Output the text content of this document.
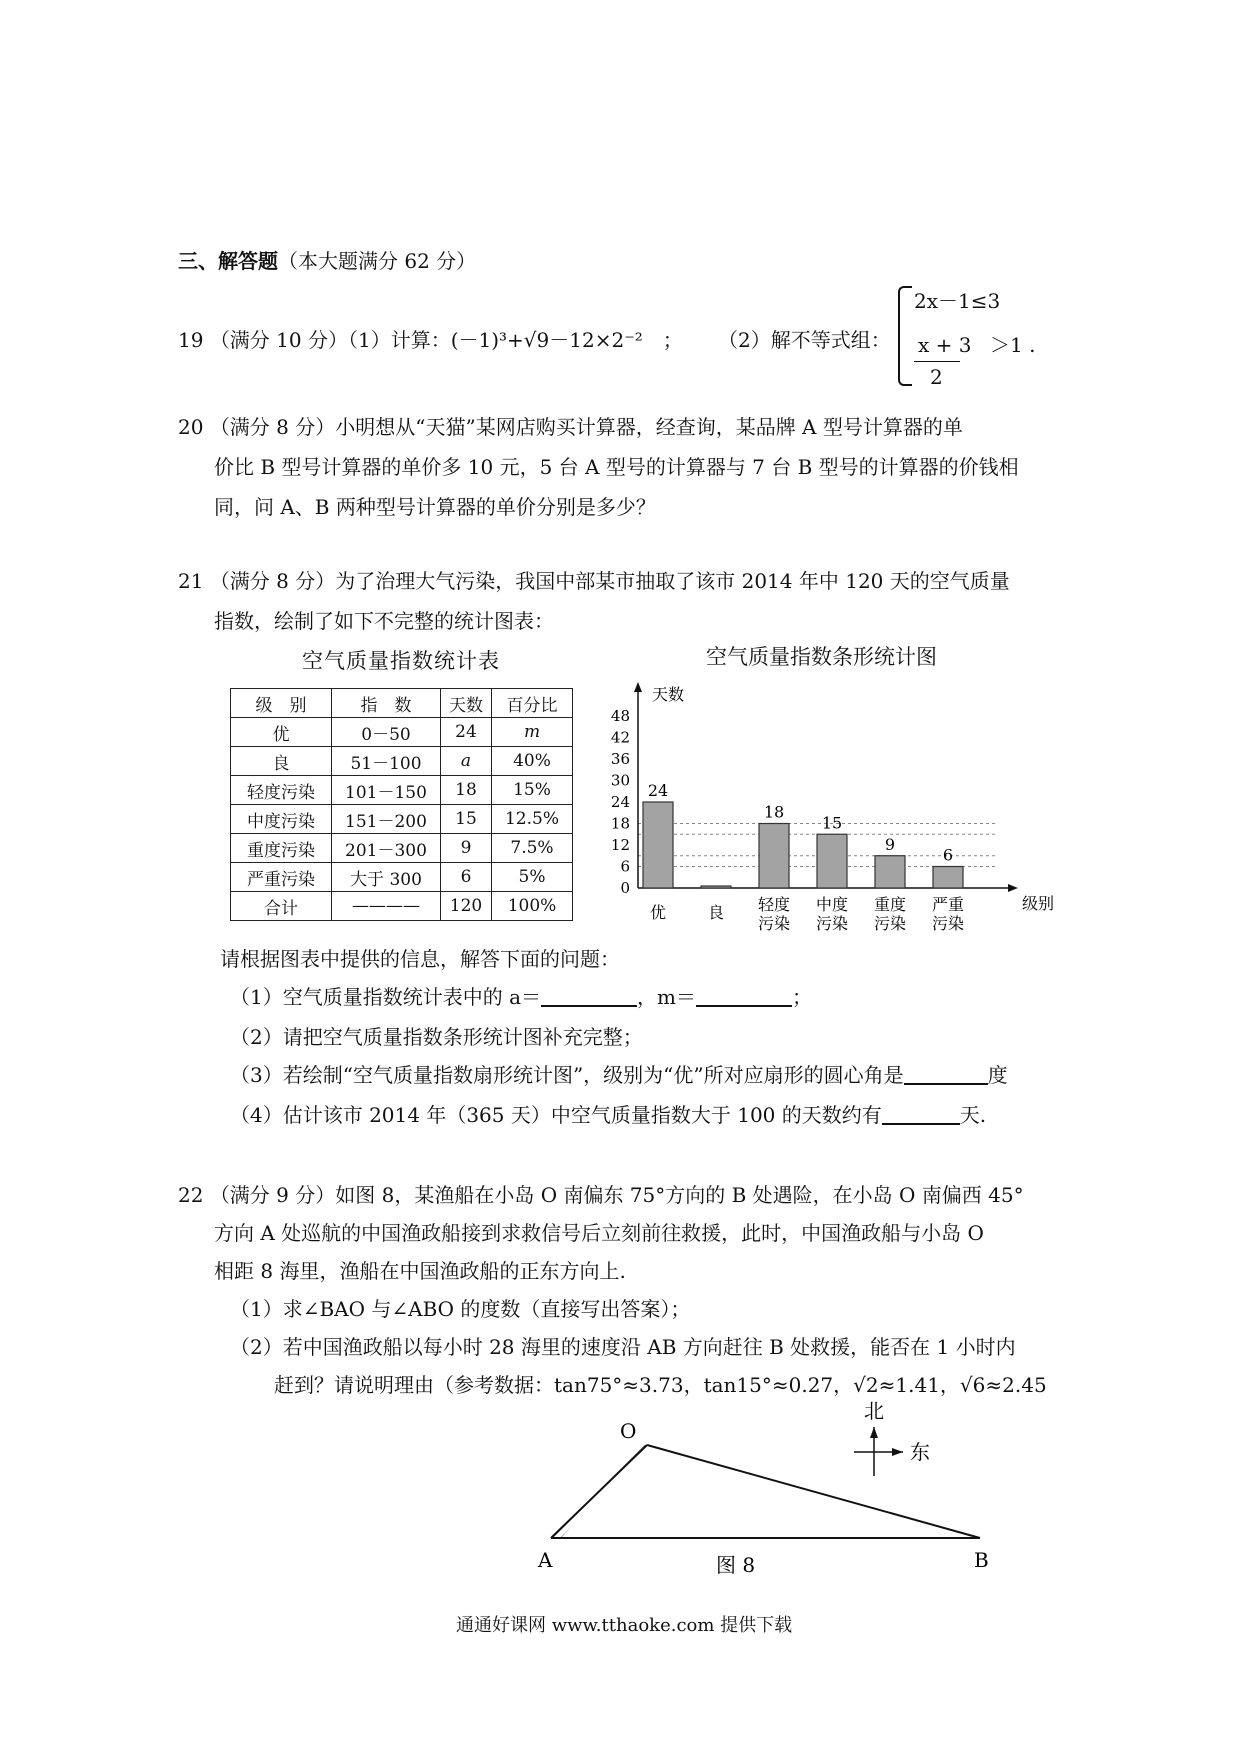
三、解答题（本大题满分 62 分）
19 （满分 10 分）（1）计算：(－1)³+√9－12×2⁻²　； （2）解不等式组：
2x－1≤3
x + 3 ＞1 .
2
20 （满分 8 分）小明想从“天猫”某网店购买计算器，经查询，某品牌 A 型号计算器的单
价比 B 型号计算器的单价多 10 元，5 台 A 型号的计算器与 7 台 B 型号的计算器的价钱相
同，问 A、B 两种型号计算器的单价分别是多少？
21 （满分 8 分）为了治理大气污染，我国中部某市抽取了该市 2014 年中 120 天的空气质量
指数，绘制了如下不完整的统计图表：
空气质量指数统计表	空气质量指数条形统计图
级　别	指　数	天数	百分比
优	0－50	24	m
良	51－100	a	40%
轻度污染	101－150	18	15%
中度污染	151－200	15	12.5%
重度污染	201－300	9	7.5%
严重污染	大于 300	6	5%
合计	————	120	100%
0
6
12
18
24
30
36
42
48
天数
级别
24
优	良
18
轻度
污染
15
中度
污染
9
重度
污染
6
严重
污染
请根据图表中提供的信息，解答下面的问题：
（1）空气质量指数统计表中的 a＝	，m＝	；
（2）请把空气质量指数条形统计图补充完整；
（3）若绘制“空气质量指数扇形统计图”，级别为“优”所对应扇形的圆心角是	度
（4）估计该市 2014 年（365 天）中空气质量指数大于 100 的天数约有	天.
22 （满分 9 分）如图 8，某渔船在小岛 O 南偏东 75°方向的 B 处遇险，在小岛 O 南偏西 45°
方向 A 处巡航的中国渔政船接到求救信号后立刻前往救援，此时，中国渔政船与小岛 O
相距 8 海里，渔船在中国渔政船的正东方向上.
（1）求∠BAO 与∠ABO 的度数（直接写出答案）；
（2）若中国渔政船以每小时 28 海里的速度沿 AB 方向赶往 B 处救援，能否在 1 小时内
赶到？请说明理由（参考数据：tan75°≈3.73，tan15°≈0.27，√2≈1.41，√6≈2.45
O
A	B
图 8
北
东
通通好课网 www.tthaoke.com 提供下载
